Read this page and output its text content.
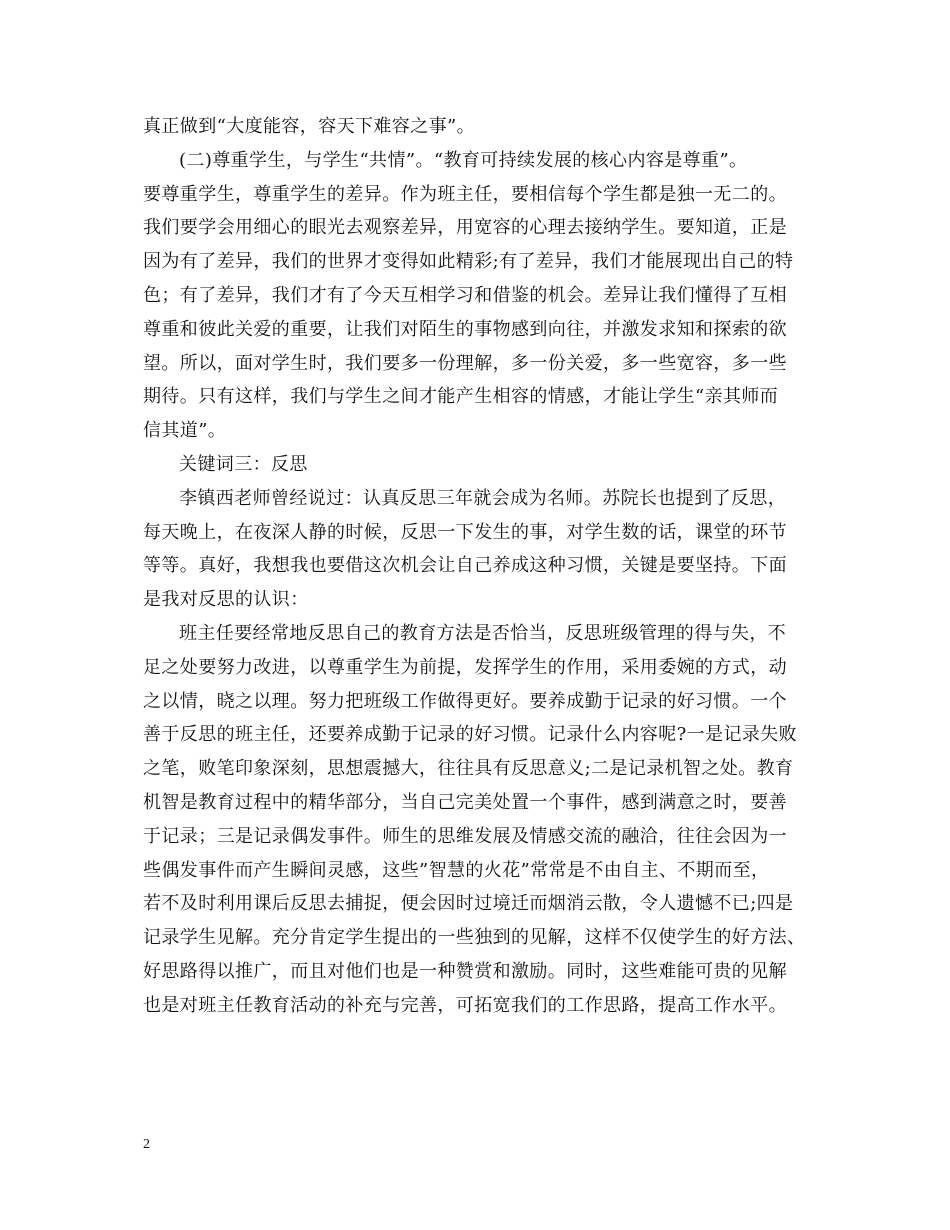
真正做到“大度能容，容天下难容之事”。
(二)尊重学生，与学生“共情”。“教育可持续发展的核心内容是尊重”。
要尊重学生，尊重学生的差异。作为班主任，要相信每个学生都是独一无二的。
我们要学会用细心的眼光去观察差异，用宽容的心理去接纳学生。要知道，正是
因为有了差异，我们的世界才变得如此精彩;有了差异，我们才能展现出自己的特
色；有了差异，我们才有了今天互相学习和借鉴的机会。差异让我们懂得了互相
尊重和彼此关爱的重要，让我们对陌生的事物感到向往，并激发求知和探索的欲
望。所以，面对学生时，我们要多一份理解，多一份关爱，多一些宽容，多一些
期待。只有这样，我们与学生之间才能产生相容的情感，才能让学生“亲其师而
信其道”。
关键词三：反思
李镇西老师曾经说过：认真反思三年就会成为名师。苏院长也提到了反思，
每天晚上，在夜深人静的时候，反思一下发生的事，对学生数的话，课堂的环节
等等。真好，我想我也要借这次机会让自己养成这种习惯，关键是要坚持。下面
是我对反思的认识：
班主任要经常地反思自己的教育方法是否恰当，反思班级管理的得与失，不
足之处要努力改进，以尊重学生为前提，发挥学生的作用，采用委婉的方式，动
之以情，晓之以理。努力把班级工作做得更好。要养成勤于记录的好习惯。一个
善于反思的班主任，还要养成勤于记录的好习惯。记录什么内容呢?一是记录失败
之笔，败笔印象深刻，思想震撼大，往往具有反思意义;二是记录机智之处。教育
机智是教育过程中的精华部分，当自己完美处置一个事件，感到满意之时，要善
于记录；三是记录偶发事件。师生的思维发展及情感交流的融洽，往往会因为一
些偶发事件而产生瞬间灵感，这些”智慧的火花”常常是不由自主、不期而至，
若不及时利用课后反思去捕捉，便会因时过境迁而烟消云散，令人遗憾不已;四是
记录学生见解。充分肯定学生提出的一些独到的见解，这样不仅使学生的好方法、
好思路得以推广，而且对他们也是一种赞赏和激励。同时，这些难能可贵的见解
也是对班主任教育活动的补充与完善，可拓宽我们的工作思路，提高工作水平。
2
